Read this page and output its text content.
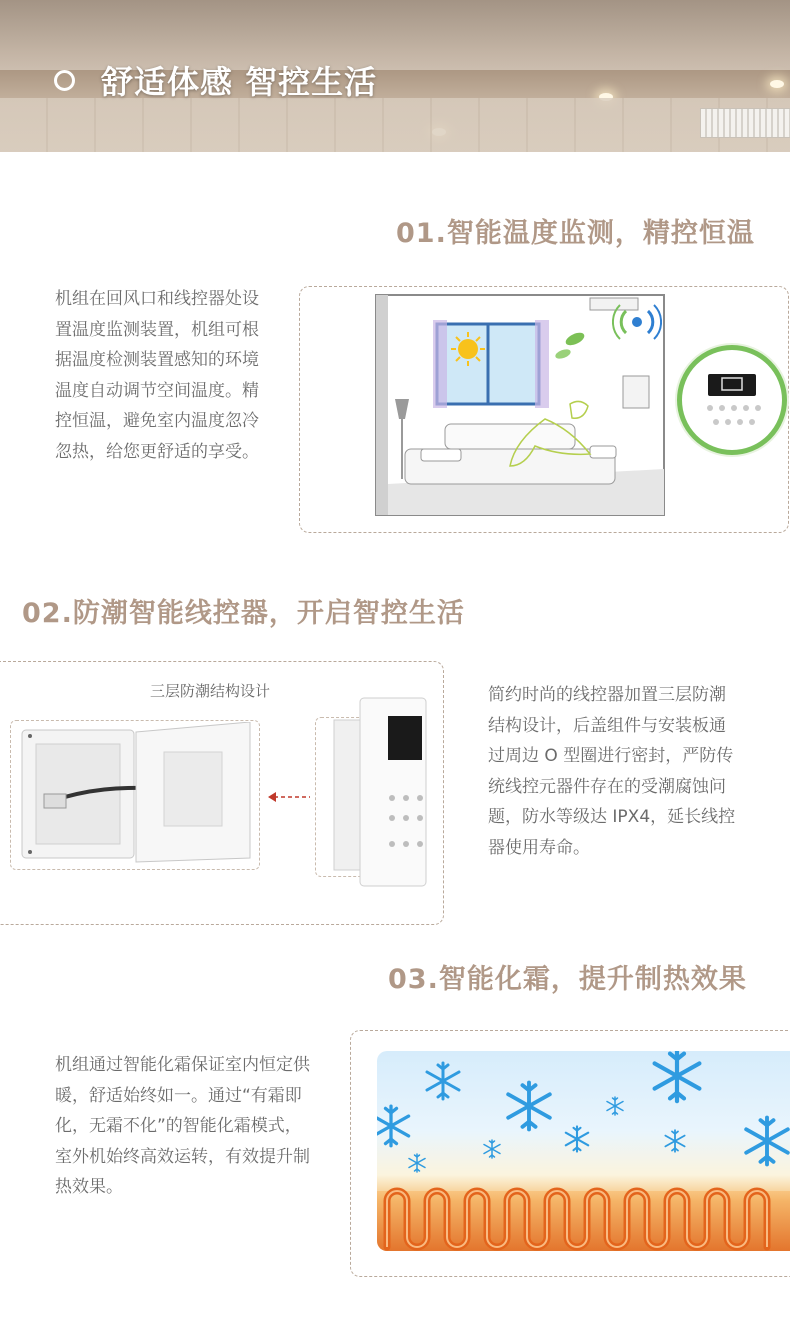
舒适体感 智控生活
01.智能温度监测，精控恒温
机组在回风口和线控器处设置温度监测装置，机组可根据温度检测装置感知的环境温度自动调节空间温度。精控恒温，避免室内温度忽冷忽热，给您更舒适的享受。
02.防潮智能线控器，开启智控生活
三层防潮结构设计	简约时尚的线控器加置三层防潮结构设计，后盖组件与安装板通过周边 O 型圈进行密封，严防传统线控元器件存在的受潮腐蚀问题，防水等级达 IPX4，延长线控器使用寿命。
03.智能化霜，提升制热效果
机组通过智能化霜保证室内恒定供暖，舒适始终如一。通过“有霜即化，无霜不化”的智能化霜模式，室外机始终高效运转，有效提升制热效果。
